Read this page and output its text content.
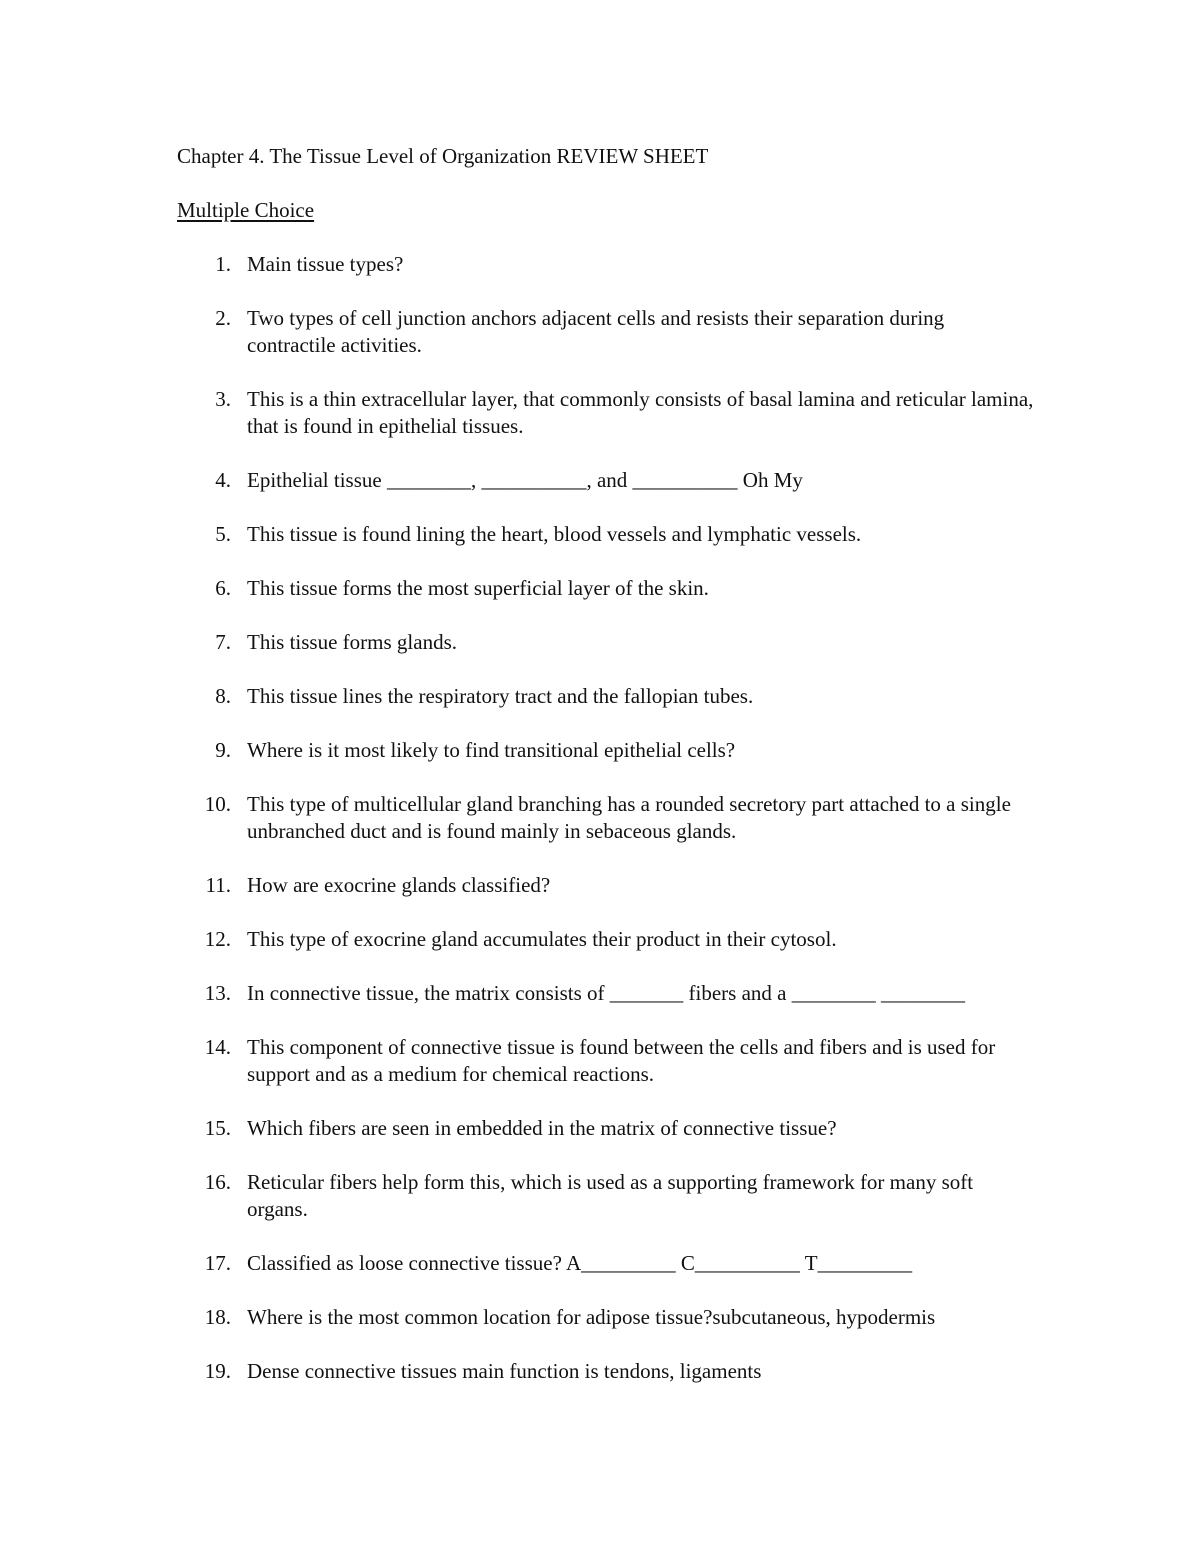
Chapter 4. The Tissue Level of Organization REVIEW SHEET
Multiple Choice
1. Main tissue types?
2. Two types of cell junction anchors adjacent cells and resists their separation during contractile activities.
3. This is a thin extracellular layer, that commonly consists of basal lamina and reticular lamina, that is found in epithelial tissues.
4. Epithelial tissue ________, __________, and __________ Oh My
5. This tissue is found lining the heart, blood vessels and lymphatic vessels.
6. This tissue forms the most superficial layer of the skin.
7. This tissue forms glands.
8. This tissue lines the respiratory tract and the fallopian tubes.
9. Where is it most likely to find transitional epithelial cells?
10. This type of multicellular gland branching has a rounded secretory part attached to a single unbranched duct and is found mainly in sebaceous glands.
11. How are exocrine glands classified?
12. This type of exocrine gland accumulates their product in their cytosol.
13. In connective tissue, the matrix consists of _______ fibers and a ________ ________
14. This component of connective tissue is found between the cells and fibers and is used for support and as a medium for chemical reactions.
15. Which fibers are seen in embedded in the matrix of connective tissue?
16. Reticular fibers help form this, which is used as a supporting framework for many soft organs.
17. Classified as loose connective tissue? A_________ C__________ T_________
18. Where is the most common location for adipose tissue?subcutaneous, hypodermis
19. Dense connective tissues main function is tendons, ligaments
